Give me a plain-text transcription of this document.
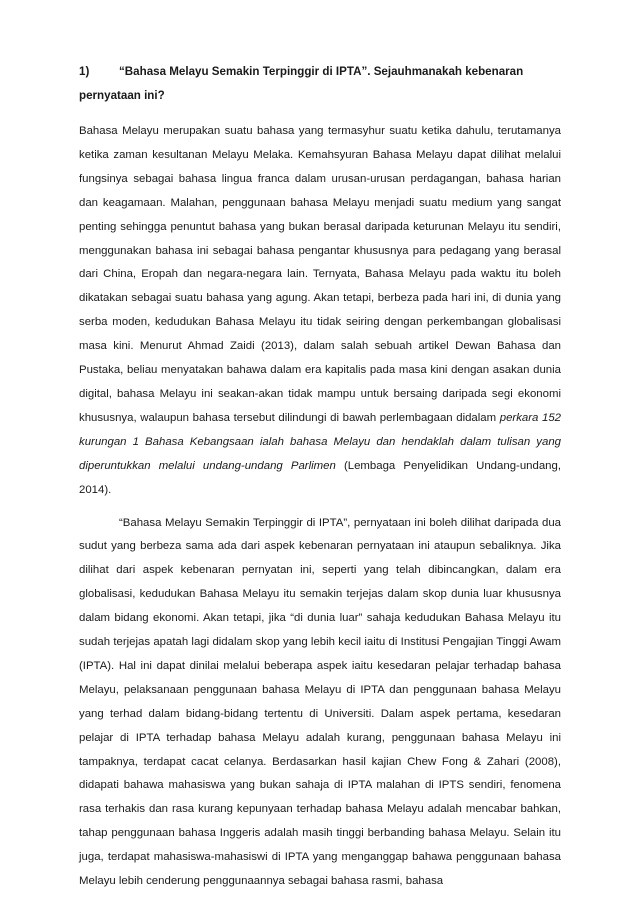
1)	“Bahasa Melayu Semakin Terpinggir di IPTA”. Sejauhmanakah kebenaran pernyataan ini?

Bahasa Melayu merupakan suatu bahasa yang termasyhur suatu ketika dahulu, terutamanya ketika zaman kesultanan Melayu Melaka. Kemahsyuran Bahasa Melayu dapat dilihat melalui fungsinya sebagai bahasa lingua franca dalam urusan-urusan perdagangan, bahasa harian dan keagamaan. Malahan, penggunaan bahasa Melayu menjadi suatu medium yang sangat penting sehingga penuntut bahasa yang bukan berasal daripada keturunan Melayu itu sendiri, menggunakan bahasa ini sebagai bahasa pengantar khususnya para pedagang yang berasal dari China, Eropah dan negara-negara lain. Ternyata, Bahasa Melayu pada waktu itu boleh dikatakan sebagai suatu bahasa yang agung. Akan tetapi, berbeza pada hari ini, di dunia yang serba moden, kedudukan Bahasa Melayu itu tidak seiring dengan perkembangan globalisasi masa kini. Menurut Ahmad Zaidi (2013), dalam salah sebuah artikel Dewan Bahasa dan Pustaka, beliau menyatakan bahawa dalam era kapitalis pada masa kini dengan asakan dunia digital, bahasa Melayu ini seakan-akan tidak mampu untuk bersaing daripada segi ekonomi khususnya, walaupun bahasa tersebut dilindungi di bawah perlembagaan didalam perkara 152 kurungan 1 Bahasa Kebangsaan ialah bahasa Melayu dan hendaklah dalam tulisan yang diperuntukkan melalui undang-undang Parlimen (Lembaga Penyelidikan Undang-undang, 2014).

“Bahasa Melayu Semakin Terpinggir di IPTA”, pernyataan ini boleh dilihat daripada dua sudut yang berbeza sama ada dari aspek kebenaran pernyataan ini ataupun sebaliknya. Jika dilihat dari aspek kebenaran pernyatan ini, seperti yang telah dibincangkan, dalam era globalisasi, kedudukan Bahasa Melayu itu semakin terjejas dalam skop dunia luar khususnya dalam bidang ekonomi. Akan tetapi, jika “di dunia luar” sahaja kedudukan Bahasa Melayu itu sudah terjejas apatah lagi didalam skop yang lebih kecil iaitu di Institusi Pengajian Tinggi Awam (IPTA). Hal ini dapat dinilai melalui beberapa aspek iaitu kesedaran pelajar terhadap bahasa Melayu, pelaksanaan penggunaan bahasa Melayu di IPTA dan penggunaan bahasa Melayu yang terhad dalam bidang-bidang tertentu di Universiti. Dalam aspek pertama, kesedaran pelajar di IPTA terhadap bahasa Melayu adalah kurang, penggunaan bahasa Melayu ini tampaknya, terdapat cacat celanya. Berdasarkan hasil kajian Chew Fong & Zahari (2008), didapati bahawa mahasiswa yang bukan sahaja di IPTA malahan di IPTS sendiri, fenomena rasa terhakis dan rasa kurang kepunyaan terhadap bahasa Melayu adalah mencabar bahkan, tahap penggunaan bahasa Inggeris adalah masih tinggi berbanding bahasa Melayu. Selain itu juga, terdapat mahasiswa-mahasiswi di IPTA yang menganggap bahawa penggunaan bahasa Melayu lebih cenderung penggunaannya sebagai bahasa rasmi, bahasa
